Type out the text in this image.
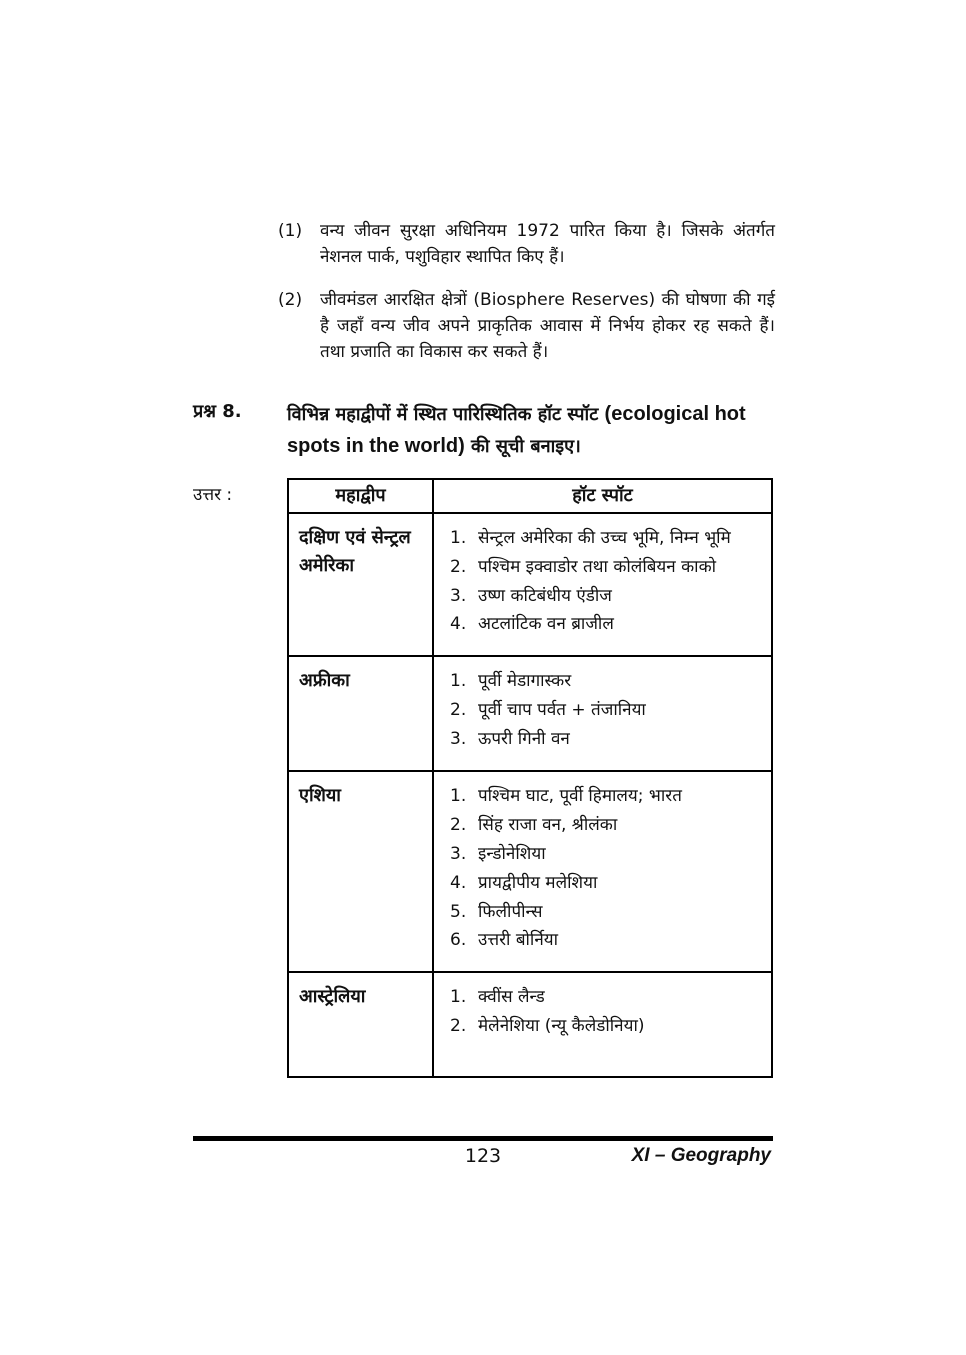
(1)	वन्य जीवन सुरक्षा अधिनियम 1972 पारित किया है। जिसके अंतर्गत नेशनल पार्क, पशुविहार स्थापित किए हैं।
(2)	जीवमंडल आरक्षित क्षेत्रों (Biosphere Reserves) की घोषणा की गई है जहाँ वन्य जीव अपने प्राकृतिक आवास में निर्भय होकर रह सकते हैं। तथा प्रजाति का विकास कर सकते हैं।
प्रश्न 8.	विभिन्न महाद्वीपों में स्थित पारिस्थितिक हॉट स्पॉट (ecological hot spots in the world) की सूची बनाइए।
उत्तर :	महाद्वीप	हॉट स्पॉट
दक्षिण एवं सेन्ट्रल अमेरिका	
1. सेन्ट्रल अमेरिका की उच्च भूमि, निम्न भूमि
2. पश्चिम इक्वाडोर तथा कोलंबियन काको
3. उष्ण कटिबंधीय एंडीज
4. अटलांटिक वन ब्राजील

अफ्रीका	1. पूर्वी मेडागास्कर
2. पूर्वी चाप पर्वत + तंजानिया
3. ऊपरी गिनी वन

एशिया	1. पश्चिम घाट, पूर्वी हिमालय; भारत
2. सिंह राजा वन, श्रीलंका
3. इन्डोनेशिया
4. प्रायद्वीपीय मलेशिया
5. फिलीपीन्स
6. उत्तरी बोर्निया

आस्ट्रेलिया	1. क्वींस लैन्ड
2. मेलेनेशिया (न्यू कैलेडोनिया)
123	XI – Geography
